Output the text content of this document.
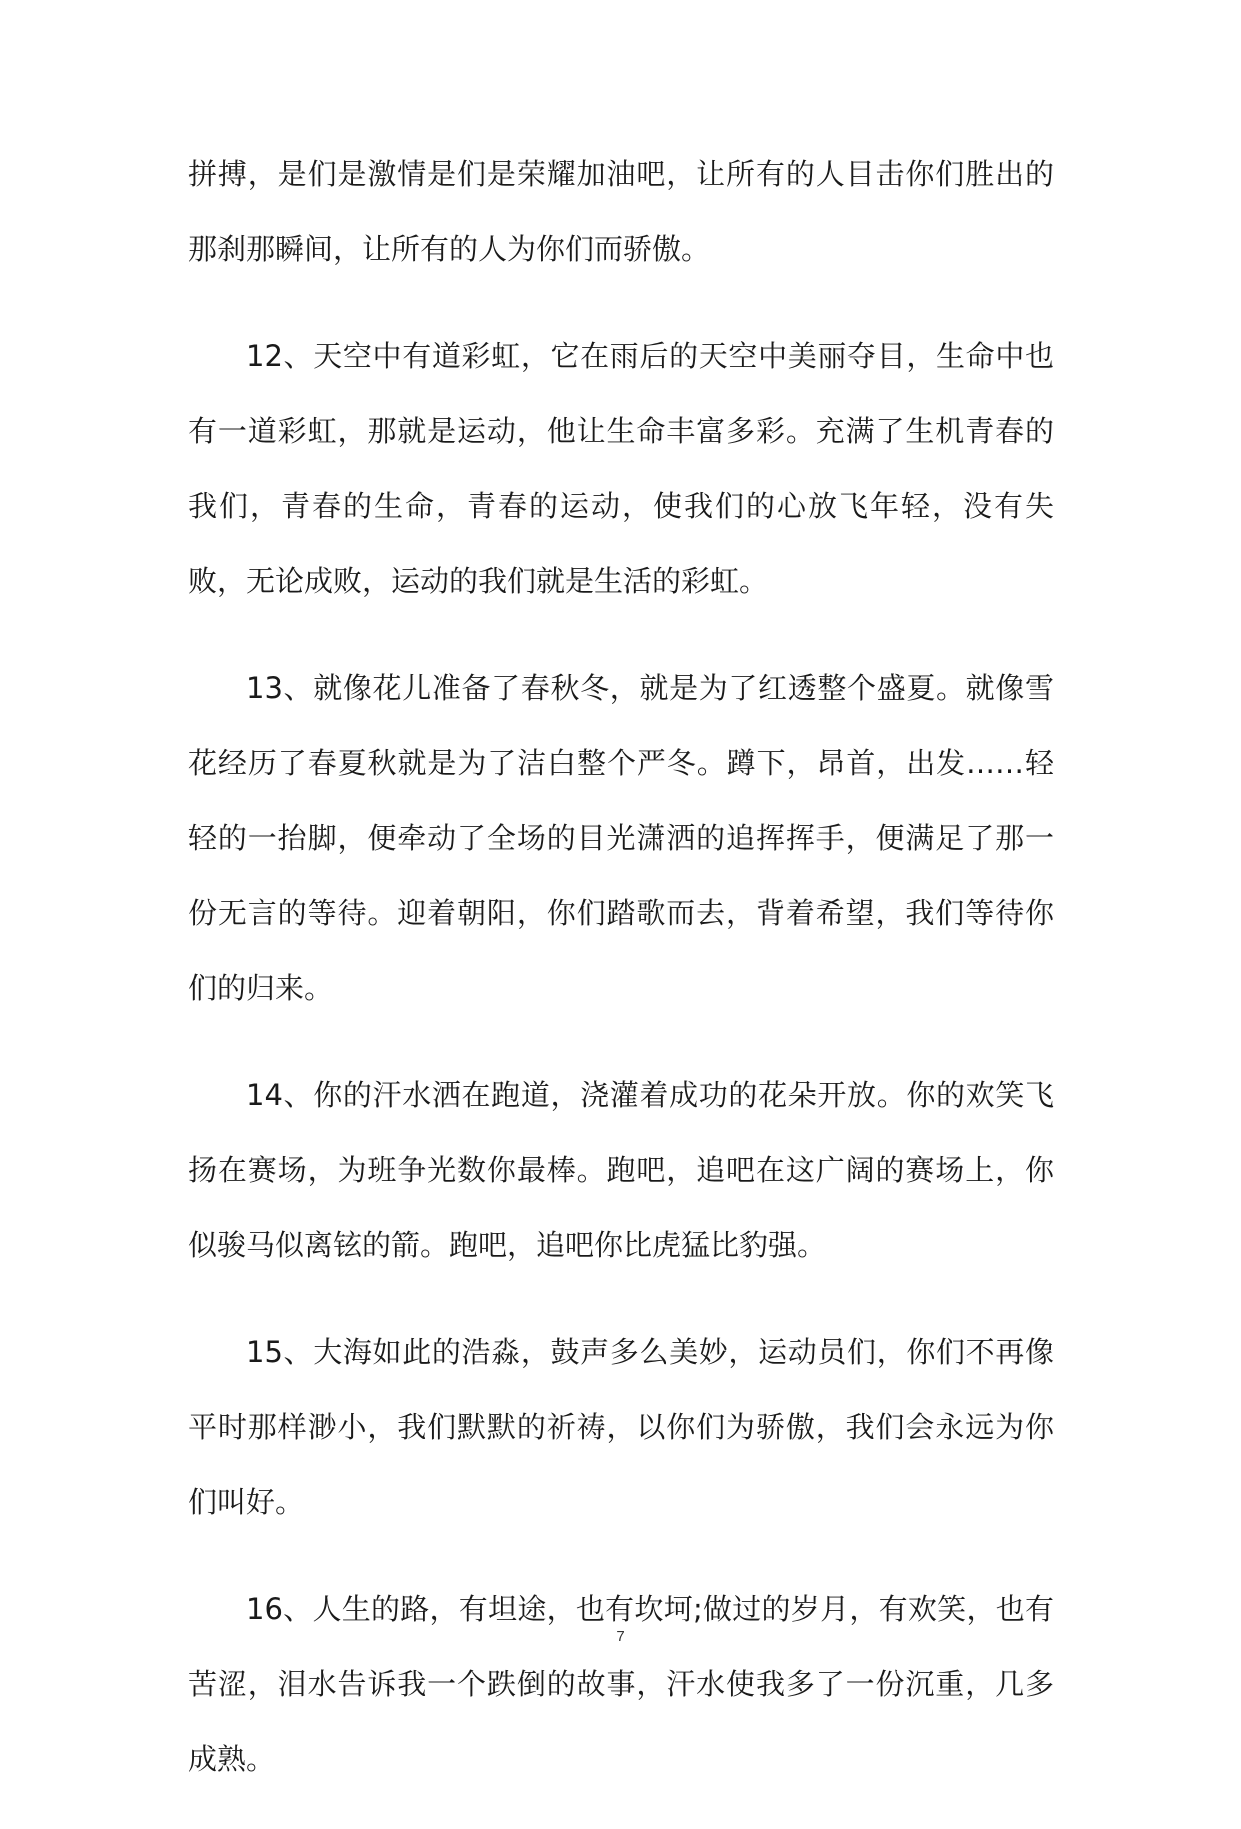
拼搏，是们是激情是们是荣耀加油吧，让所有的人目击你们胜出的那刹那瞬间，让所有的人为你们而骄傲。

12、天空中有道彩虹，它在雨后的天空中美丽夺目，生命中也有一道彩虹，那就是运动，他让生命丰富多彩。充满了生机青春的我们，青春的生命，青春的运动，使我们的心放飞年轻，没有失败，无论成败，运动的我们就是生活的彩虹。

13、就像花儿准备了春秋冬，就是为了红透整个盛夏。就像雪花经历了春夏秋就是为了洁白整个严冬。蹲下，昂首，出发……轻轻的一抬脚，便牵动了全场的目光潇洒的追挥挥手，便满足了那一份无言的等待。迎着朝阳，你们踏歌而去，背着希望，我们等待你们的归来。

14、你的汗水洒在跑道，浇灌着成功的花朵开放。你的欢笑飞扬在赛场，为班争光数你最棒。跑吧，追吧在这广阔的赛场上，你似骏马似离铉的箭。跑吧，追吧你比虎猛比豹强。

15、大海如此的浩淼，鼓声多么美妙，运动员们，你们不再像平时那样渺小，我们默默的祈祷，以你们为骄傲，我们会永远为你们叫好。

16、人生的路，有坦途，也有坎坷;做过的岁月，有欢笑，也有苦涩，泪水告诉我一个跌倒的故事，汗水使我多了一份沉重，几多成熟。

7
